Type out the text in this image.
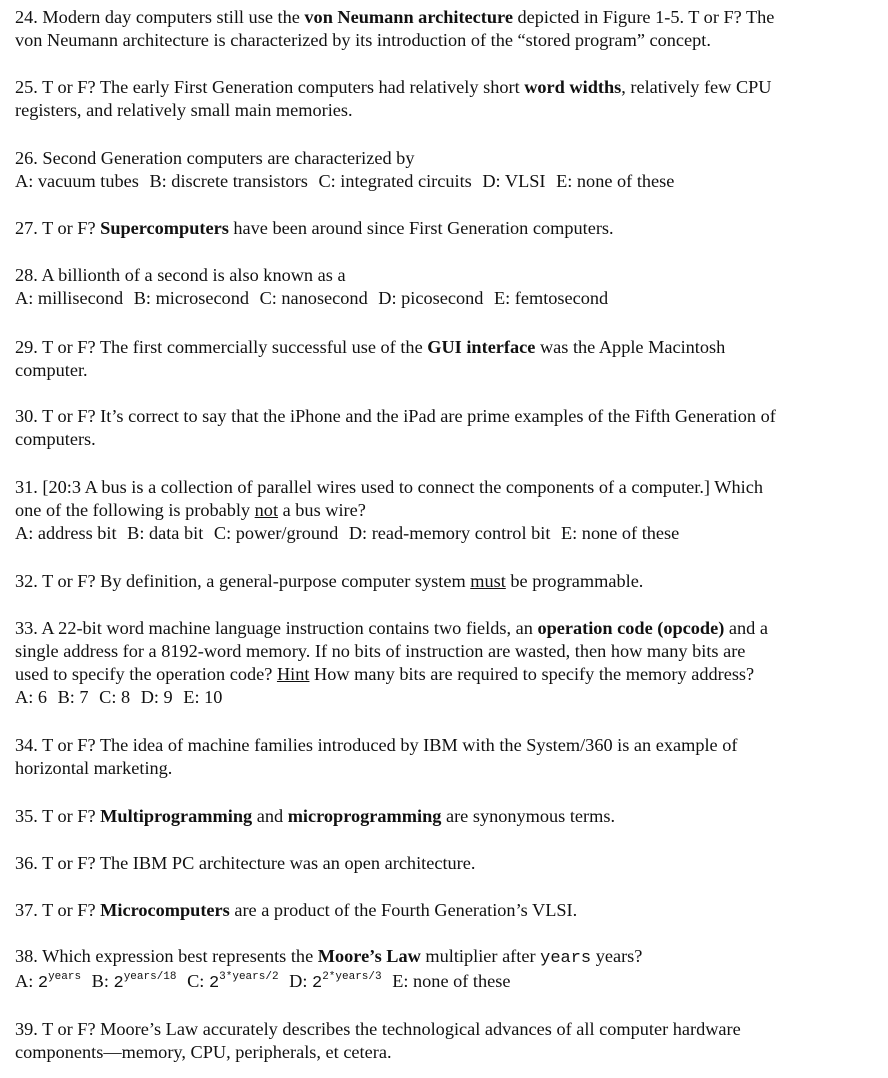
24. Modern day computers still use the von Neumann architecture depicted in Figure 1-5. T or F? The
von Neumann architecture is characterized by its introduction of the “stored program” concept.

25. T or F? The early First Generation computers had relatively short word widths, relatively few CPU
registers, and relatively small main memories.

26. Second Generation computers are characterized by
A: vacuum tubes B: discrete transistors C: integrated circuits D: VLSI E: none of these

27. T or F? Supercomputers have been around since First Generation computers.

28. A billionth of a second is also known as a
A: millisecond B: microsecond C: nanosecond D: picosecond E: femtosecond

29. T or F? The first commercially successful use of the GUI interface was the Apple Macintosh
computer.

30. T or F? It’s correct to say that the iPhone and the iPad are prime examples of the Fifth Generation of
computers.

31. [20:3 A bus is a collection of parallel wires used to connect the components of a computer.] Which
one of the following is probably not a bus wire?
A: address bit B: data bit C: power/ground D: read-memory control bit E: none of these

32. T or F? By definition, a general-purpose computer system must be programmable.

33. A 22-bit word machine language instruction contains two fields, an operation code (opcode) and a
single address for a 8192-word memory. If no bits of instruction are wasted, then how many bits are
used to specify the operation code? Hint How many bits are required to specify the memory address?
A: 6 B: 7 C: 8 D: 9 E: 10

34. T or F? The idea of machine families introduced by IBM with the System/360 is an example of
horizontal marketing.

35. T or F? Multiprogramming and microprogramming are synonymous terms.

36. T or F? The IBM PC architecture was an open architecture.

37. T or F? Microcomputers are a product of the Fourth Generation’s VLSI.

38. Which expression best represents the Moore’s Law multiplier after years years?
A: $2^{years}$ B: $2^{years/18}$ C: $2^{3*years/2}$ D: $2^{2*years/3}$ E: none of these

39. T or F? Moore’s Law accurately describes the technological advances of all computer hardware
components—memory, CPU, peripherals, et cetera.
